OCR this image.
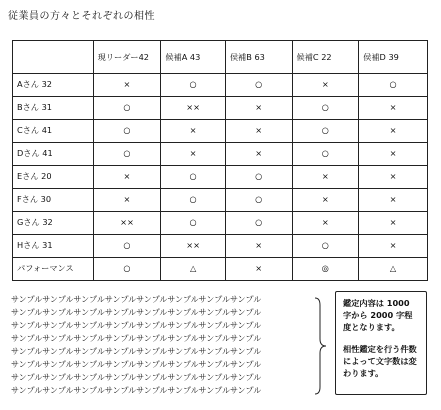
従業員の方々とそれぞれの相性
	現リーダー42	候補A 43	侯補B 63	候補C 22	侯補D 39
Aさん 32	×	○	○	×	○
Bさん 31	○	××	×	○	×
Cさん 41	○	×	×	○	×
Dさん 41	○	×	×	○	×
Eさん 20	×	○	○	×	×
Fさん 30	×	○	○	×	×
Gさん 32	××	○	○	×	×
Hさん 31	○	××	×	○	×
パフォーマンス	○	△	×	◎	△
サンプルサンプルサンプルサンプルサンプルサンプルサンプルサンプル
サンプルサンプルサンプルサンプルサンプルサンプルサンプルサンプル
サンプルサンプルサンプルサンプルサンプルサンプルサンプルサンプル
サンプルサンプルサンプルサンプルサンプルサンプルサンプルサンプル
サンプルサンプルサンプルサンプルサンプルサンプルサンプルサンプル
サンプルサンプルサンプルサンプルサンプルサンプルサンプルサンプル
サンプルサンプルサンプルサンプルサンプルサンプルサンプルサンプル
サンプルサンプルサンプルサンプルサンプルサンプルサンプルサンプル

鑑定内容は 1000 字から 2000 字程度となります。

相性鑑定を行う件数によって文字数は変わります。
